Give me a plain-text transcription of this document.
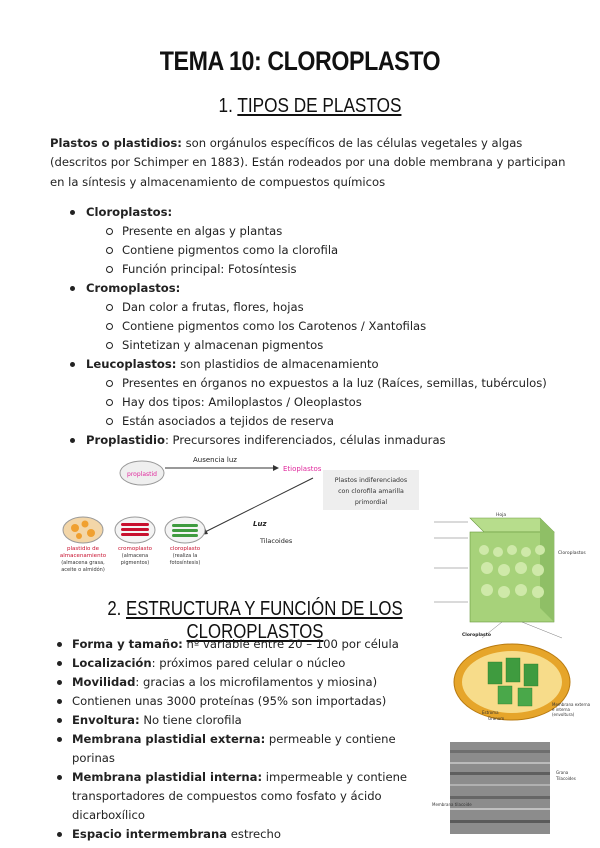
TEMA 10: CLOROPLASTO
1. TIPOS DE PLASTOS
Plastos o plastidios: son orgánulos específicos de las células vegetales y algas (descritos por Schimper en 1883). Están rodeados por una doble membrana y participan en la síntesis y almacenamiento de compuestos químicos
Cloroplastos:
Presente en algas y plantas
Contiene pigmentos como la clorofila
Función principal: Fotosíntesis
Cromoplastos:
Dan color a frutas, flores, hojas
Contiene pigmentos como los Carotenos / Xantofilas
Sintetizan y almacenan pigmentos
Leucoplastos: son plastidios de almacenamiento
Presentes en órganos no expuestos a la luz (Raíces, semillas, tubérculos)
Hay dos tipos: Amiloplastos / Oleoplastos
Están asociados a tejidos de reserva
Proplastidio: Precursores indiferenciados, células inmaduras
proplastid
Ausencia luz
Etioplastos
Plastos indiferenciados
con clorofila amarilla
primordial
Luz
Tilacoides
plastidio de
almacenamiento
(almacena grasa,
aceite o almidón)
cromoplasto
(almacena
pigmentos)
cloroplasto
(realiza la
fotosíntesis)
2. ESTRUCTURA Y FUNCIÓN DE LOS CLOROPLASTOS
Forma y tamaño: nº variable entre 20 – 100 por célula
Localización: próximos pared celular o núcleo
Movilidad: gracias a los microfilamentos y miosina)
Contienen unas 3000 proteínas (95% son importadas)
Envoltura: No tiene clorofila
Membrana plastidial externa: permeable y contiene porinas
Membrana plastidial interna: impermeable y contiene transportadores de compuestos como fosfato y ácido dicarboxílico
Espacio intermembrana estrecho
Hoja
Cloroplastos
Cloroplasto
Estroma
Granum
Membrana externa
e interna
(envoltura)
Grana
Tilacoides
Membrana tilacoide
